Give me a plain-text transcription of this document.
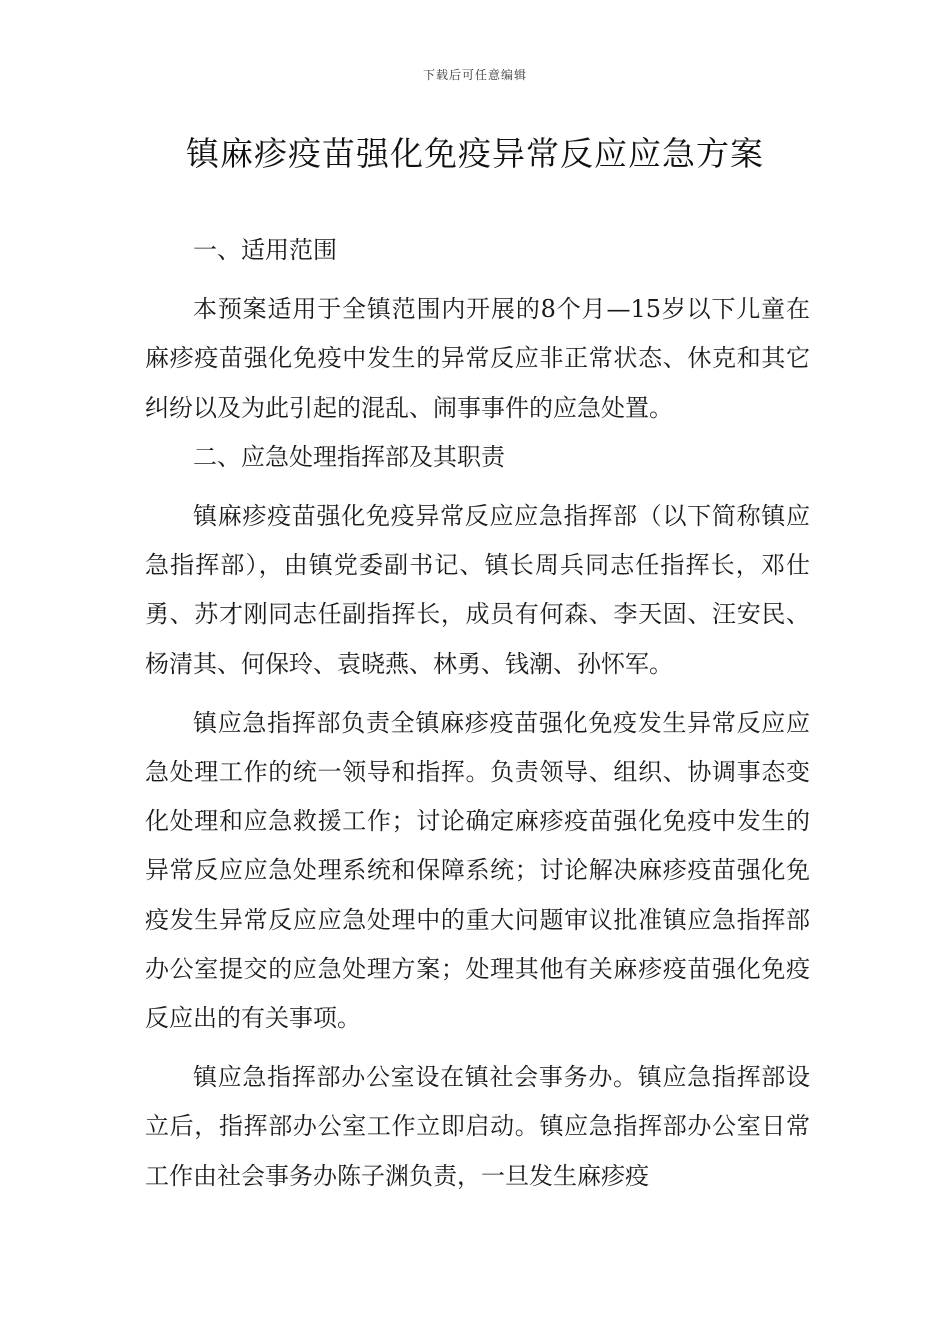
下载后可任意编辑
镇麻疹疫苗强化免疫异常反应应急方案

一、适用范围

本预案适用于全镇范围内开展的8个月—15岁以下儿童在麻疹疫苗强化免疫中发生的异常反应非正常状态、休克和其它纠纷以及为此引起的混乱、闹事事件的应急处置。

二、应急处理指挥部及其职责

镇麻疹疫苗强化免疫异常反应应急指挥部（以下简称镇应急指挥部），由镇党委副书记、镇长周兵同志任指挥长，邓仕勇、苏才刚同志任副指挥长，成员有何森、李天固、汪安民、杨清其、何保玲、袁晓燕、林勇、钱潮、孙怀军。

镇应急指挥部负责全镇麻疹疫苗强化免疫发生异常反应应急处理工作的统一领导和指挥。负责领导、组织、协调事态变化处理和应急救援工作；讨论确定麻疹疫苗强化免疫中发生的异常反应应急处理系统和保障系统；讨论解决麻疹疫苗强化免疫发生异常反应应急处理中的重大问题审议批准镇应急指挥部办公室提交的应急处理方案；处理其他有关麻疹疫苗强化免疫反应出的有关事项。

镇应急指挥部办公室设在镇社会事务办。镇应急指挥部设立后，指挥部办公室工作立即启动。镇应急指挥部办公室日常工作由社会事务办陈子渊负责，一旦发生麻疹疫
